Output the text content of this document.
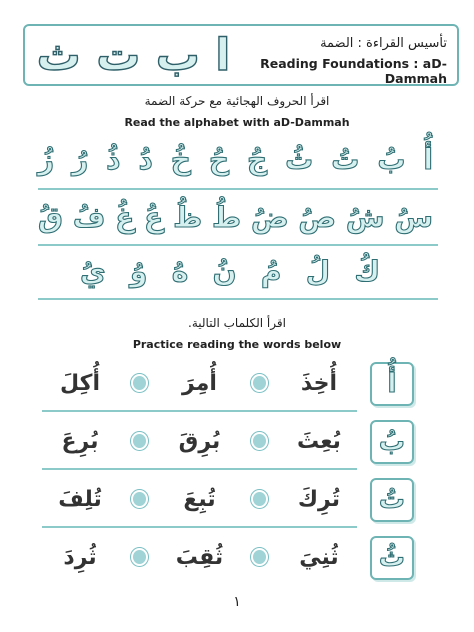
ا ب ت ث	تأسيس القراءة : الضمة
Reading Foundations : aD-Dammah
اقرأ الحروف الهجائية مع حركة الضمة
Read the alphabet with aD-Dammah
أُ
بُ
تُ
ثُ
جُ
حُ
خُ
دُ
ذُ
رُ
زُ
سُ
شُ
صُ
ضُ
طُ
ظُ
عُ
غُ
فُ
قُ
كُ
لُ
مُ
نُ
هُ
وُ
يُ
اقرأ الكلماب التالية.
Practice reading the words below
أُ
أُخِذَ
أُمِرَ
أُكِلَ
بُ
بُعِثَ
بُرِقَ
بُرِعَ
تُ
تُرِكَ
تُبِعَ
تُلِفَ
ثُ
ثُنِيَ
ثُقِبَ
ثُرِدَ
١
